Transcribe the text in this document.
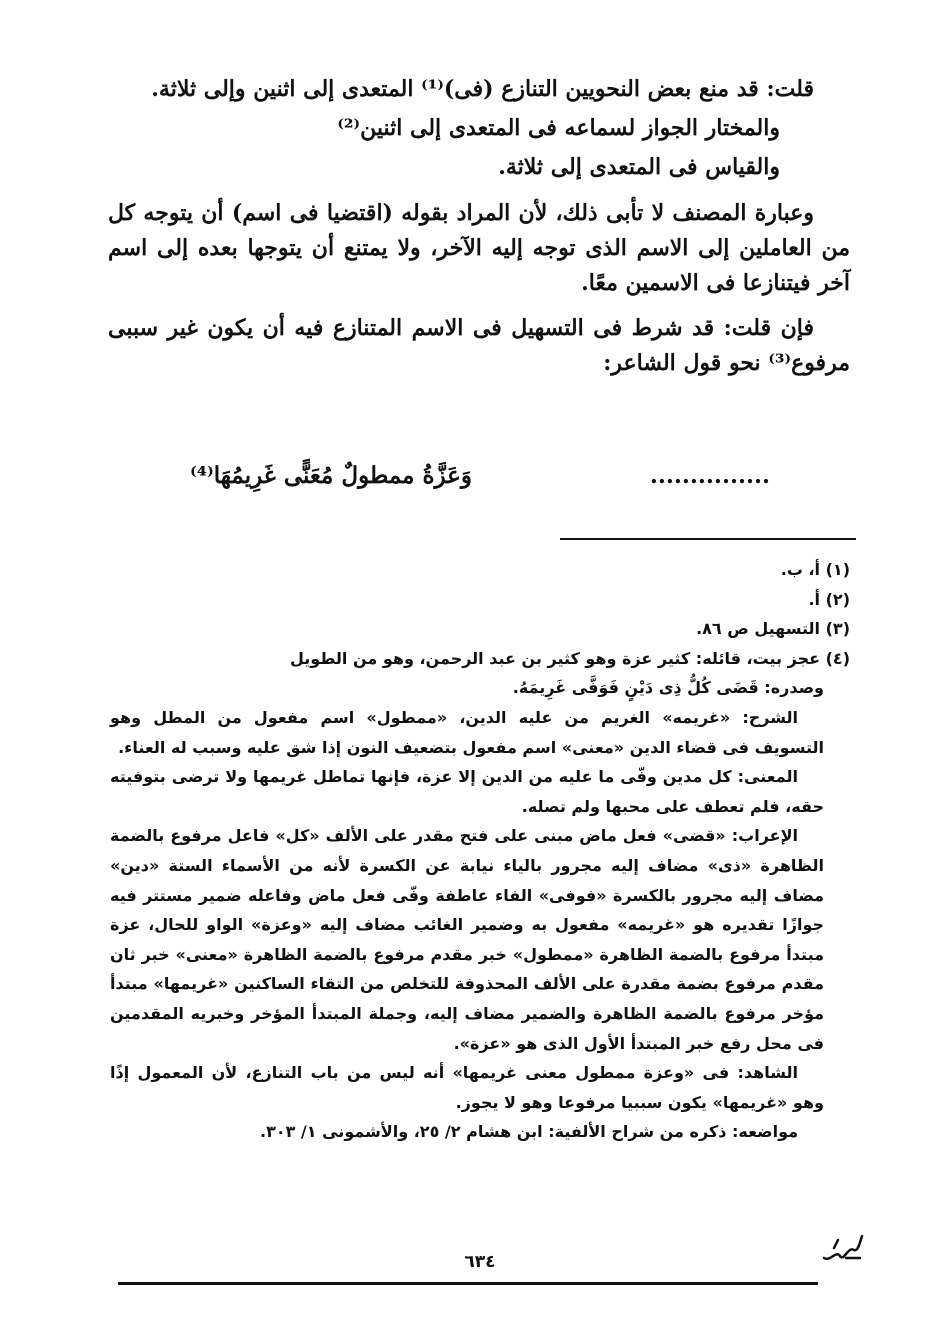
قلت: قد منع بعض النحويين التنازع (فى)⁽¹⁾ المتعدى إلى اثنين وإلى ثلاثة.

والمختار الجواز لسماعه فى المتعدى إلى اثنين⁽²⁾

والقياس فى المتعدى إلى ثلاثة.

وعبارة المصنف لا تأبى ذلك، لأن المراد بقوله (اقتضيا فى اسم) أن يتوجه كل من العاملين إلى الاسم الذى توجه إليه الآخر، ولا يمتنع أن يتوجها بعده إلى اسم آخر فيتنازعا فى الاسمين معًا.

فإن قلت: قد شرط فى التسهيل فى الاسم المتنازع فيه أن يكون غير سببى مرفوع⁽³⁾ نحو قول الشاعر:

...............
وَعَزَّةُ ممطولٌ مُعَنًّى غَرِيمُهَا⁽⁴⁾

(١) أ، ب.

(٢) أ.

(٣) التسهيل ص ٨٦.

(٤) عجز بيت، قائله: كثير عزة وهو كثير بن عبد الرحمن، وهو من الطويل

وصدره: قَضَى كُلُّ ذِى دَيْنٍ فَوَفَّى غَرِيمَهُ.

الشرح: «غريمه» الغريم من عليه الدين، «ممطول» اسم مفعول من المطل وهو التسويف فى قضاء الدين «معنى» اسم مفعول بتضعيف النون إذا شق عليه وسبب له العناء.

المعنى: كل مدين وفّى ما عليه من الدين إلا عزة، فإنها تماطل غريمها ولا ترضى بتوفيته حقه، فلم تعطف على محبها ولم تصله.

الإعراب: «قضى» فعل ماض مبنى على فتح مقدر على الألف «كل» فاعل مرفوع بالضمة الظاهرة «ذى» مضاف إليه مجرور بالياء نيابة عن الكسرة لأنه من الأسماء الستة «دين» مضاف إليه مجرور بالكسرة «فوفى» الفاء عاطفة وفّى فعل ماض وفاعله ضمير مستتر فيه جوازًا تقديره هو «غريمه» مفعول به وضمير الغائب مضاف إليه «وعزة» الواو للحال، عزة مبتدأ مرفوع بالضمة الظاهرة «ممطول» خبر مقدم مرفوع بالضمة الظاهرة «معنى» خبر ثان مقدم مرفوع بضمة مقدرة على الألف المحذوفة للتخلص من التقاء الساكنين «غريمها» مبتدأ مؤخر مرفوع بالضمة الظاهرة والضمير مضاف إليه، وجملة المبتدأ المؤخر وخبريه المقدمين فى محل رفع خبر المبتدأ الأول الذى هو «عزة».

الشاهد: فى «وعزة ممطول معنى غريمها» أنه ليس من باب التنازع، لأن المعمول إذًا وهو «غريمها» يكون سببيا مرفوعا وهو لا يجوز.

مواضعه: ذكره من شراح الألفية: ابن هشام ٢/ ٢٥، والأشمونى ١/ ٣٠٣.

٦٣٤
